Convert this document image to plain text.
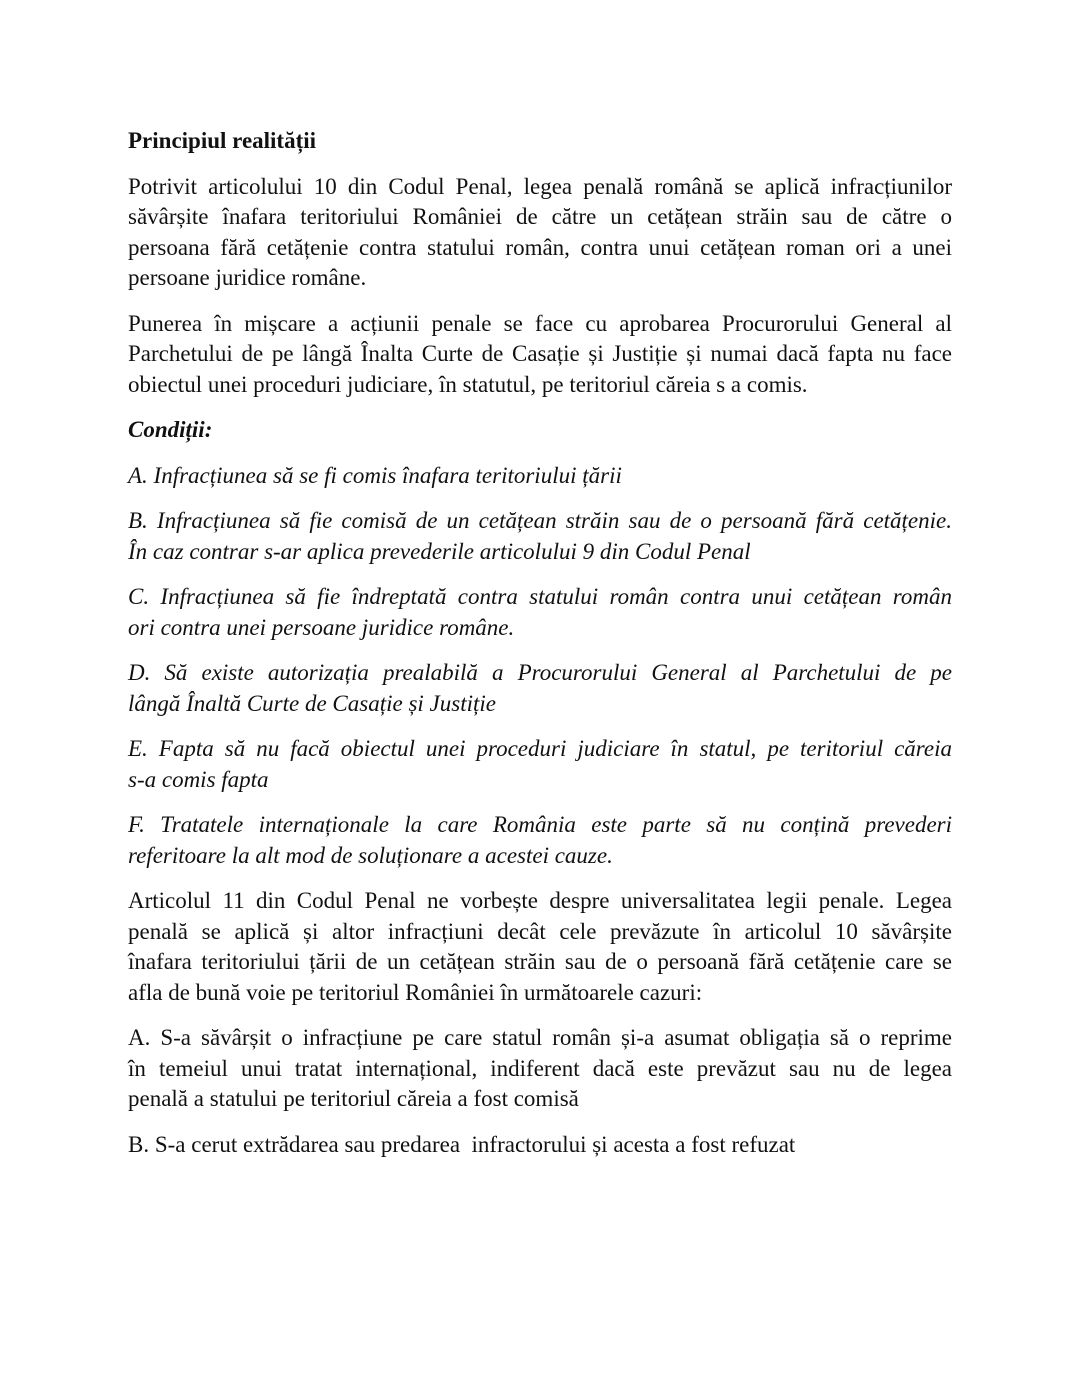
Principiul realității
Potrivit articolului 10 din Codul Penal, legea penală română se aplică infracțiunilor
săvârșite înafara teritoriului României de către un cetățean străin sau de către o
persoana fără cetățenie contra statului român, contra unui cetățean roman ori a unei
persoane juridice române.
Punerea în mișcare a acțiunii penale se face cu aprobarea Procurorului General al
Parchetului de pe lângă Înalta Curte de Casație și Justiție și numai dacă fapta nu face
obiectul unei proceduri judiciare, în statutul, pe teritoriul căreia s a comis.
Condiții:
A. Infracțiunea să se fi comis înafara teritoriului țării
B. Infracțiunea să fie comisă de un cetățean străin sau de o persoană fără cetățenie.
În caz contrar s-ar aplica prevederile articolului 9 din Codul Penal
C. Infracțiunea să fie îndreptată contra statului român contra unui cetățean român
ori contra unei persoane juridice române.
D. Să existe autorizația prealabilă a Procurorului General al Parchetului de pe
lângă Înaltă Curte de Casație și Justiție
E. Fapta să nu facă obiectul unei proceduri judiciare în statul, pe teritoriul căreia
s-a comis fapta
F. Tratatele internaționale la care România este parte să nu conțină prevederi
referitoare la alt mod de soluționare a acestei cauze.
Articolul 11 din Codul Penal ne vorbește despre universalitatea legii penale. Legea
penală se aplică și altor infracțiuni decât cele prevăzute în articolul 10 săvârșite
înafara teritoriului țării de un cetățean străin sau de o persoană fără cetățenie care se
afla de bună voie pe teritoriul României în următoarele cazuri:
A. S-a săvârșit o infracțiune pe care statul român și-a asumat obligația să o reprime
în temeiul unui tratat internațional, indiferent dacă este prevăzut sau nu de legea
penală a statului pe teritoriul căreia a fost comisă
B. S-a cerut extrădarea sau predarea  infractorului și acesta a fost refuzat
